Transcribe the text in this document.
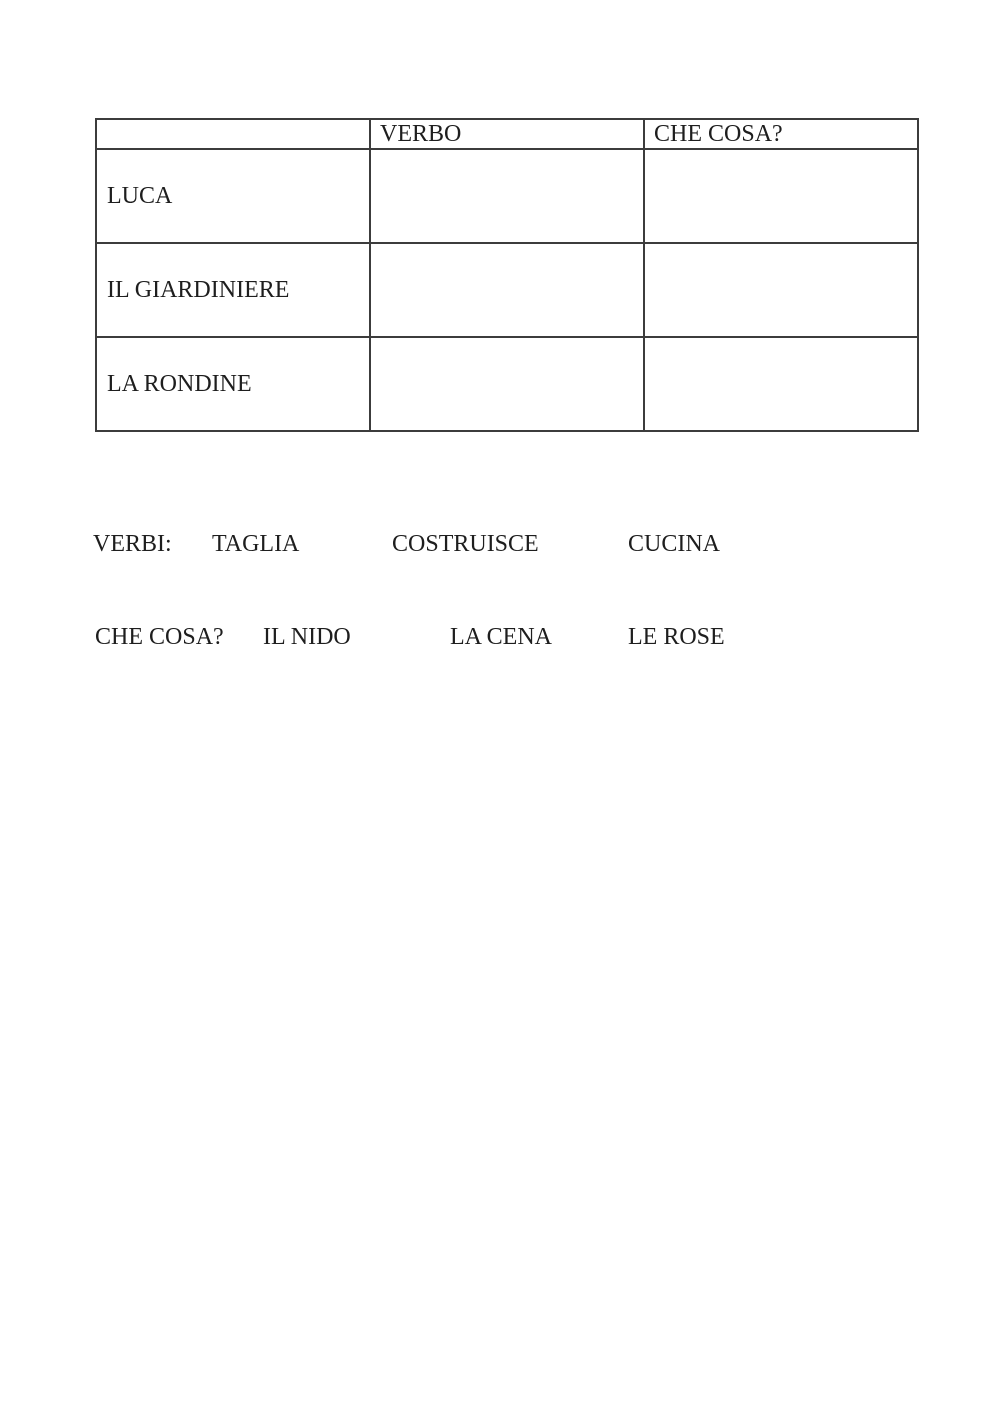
	VERBO	CHE COSA?
LUCA		
IL GIARDINIERE		
LA RONDINE		
VERBI: TAGLIA	COSTRUISCE	CUCINA
CHE COSA? IL NIDO	LA CENA	LE ROSE
